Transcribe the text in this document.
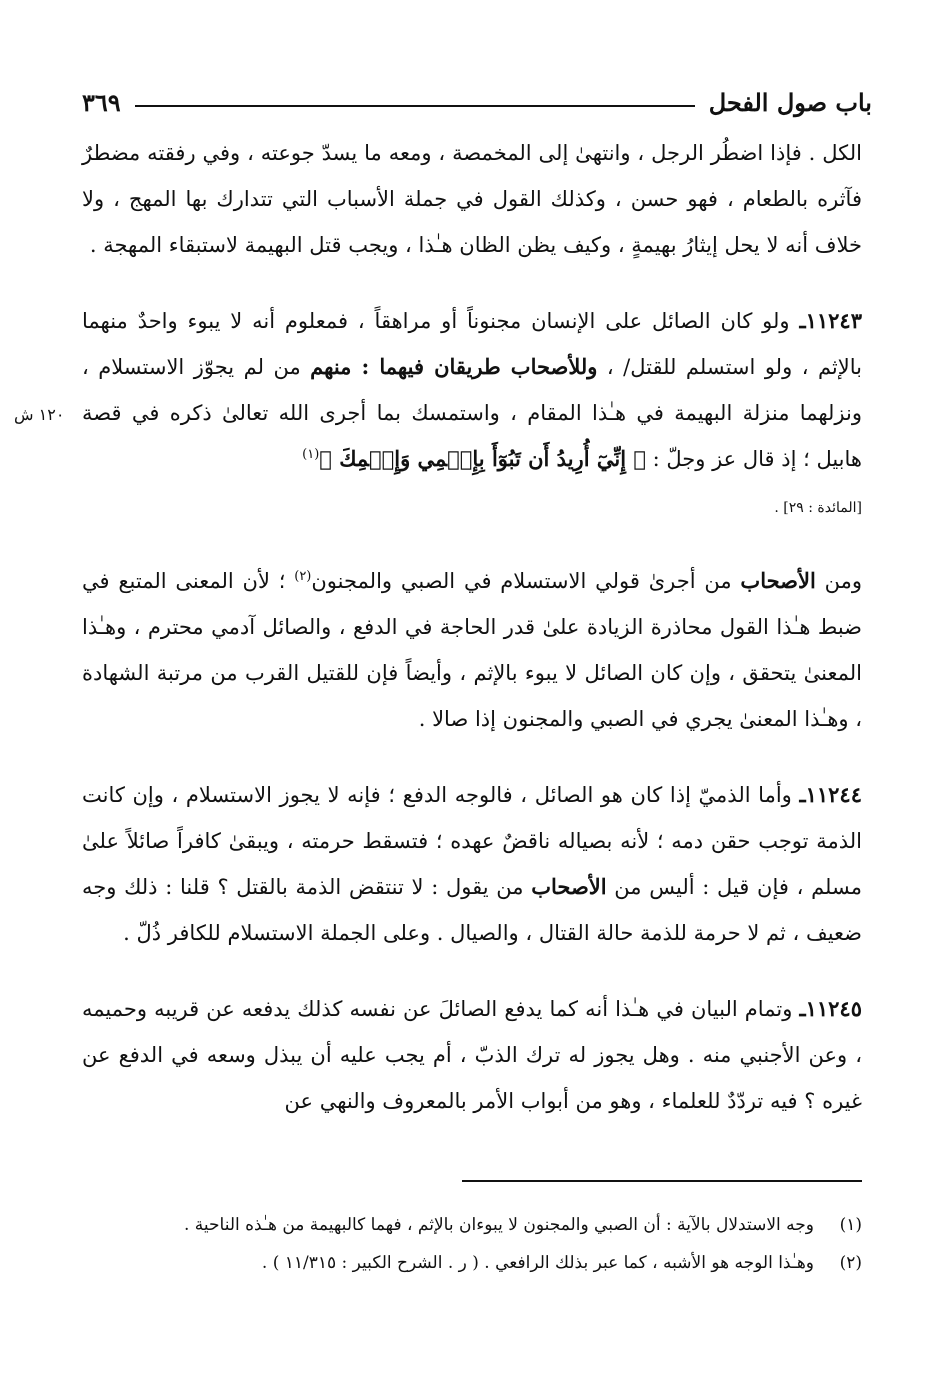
باب صول الفحل
٣٦٩
١٢٠ ش

الكل . فإذا اضطُر الرجل ، وانتهىٰ إلى المخمصة ، ومعه ما يسدّ جوعته ، وفي رفقته مضطرٌ فآثره بالطعام ، فهو حسن ، وكذلك القول في جملة الأسباب التي تتدارك بها المهج ، ولا خلاف أنه لا يحل إيثارُ بهيمةٍ ، وكيف يظن الظان هـٰذا ، ويجب قتل البهيمة لاستبقاء المهجة .

١١٢٤٣ـ ولو كان الصائل على الإنسان مجنوناً أو مراهقاً ، فمعلوم أنه لا يبوء واحدٌ منهما بالإثم ، ولو استسلم للقتل/ ، وللأصحاب طريقان فيهما : منهم من لم يجوّز الاستسلام ، ونزلهما منزلة البهيمة في هـٰذا المقام ، واستمسك بما أجرى الله تعالىٰ ذكره في قصة هابيل ؛ إذ قال عز وجلّ : ﴿ إِنِّيٓ أُرِيدُ أَن تَبُوٓأَ بِإِثۡمِي وَإِثۡمِكَ ﴾$^{(١)}$
[المائدة : ٢٩] .

ومن الأصحاب من أجرىٰ قولي الاستسلام في الصبي والمجنون$^{(٢)}$ ؛ لأن المعنى المتبع في ضبط هـٰذا القول محاذرة الزيادة علىٰ قدر الحاجة في الدفع ، والصائل آدمي محترم ، وهـٰذا المعنىٰ يتحقق ، وإن كان الصائل لا يبوء بالإثم ، وأيضاً فإن للقتيل القرب من مرتبة الشهادة ، وهـٰذا المعنىٰ يجري في الصبي والمجنون إذا صالا .

١١٢٤٤ـ وأما الذميّ إذا كان هو الصائل ، فالوجه الدفع ؛ فإنه لا يجوز الاستسلام ، وإن كانت الذمة توجب حقن دمه ؛ لأنه بصياله ناقضٌ عهده ؛ فتسقط حرمته ، ويبقىٰ كافراً صائلاً علىٰ مسلم ، فإن قيل : أليس من الأصحاب من يقول : لا تنتقض الذمة بالقتل ؟ قلنا : ذلك وجه ضعيف ، ثم لا حرمة للذمة حالة القتال ، والصيال . وعلى الجملة الاستسلام للكافر ذُلّ .

١١٢٤٥ـ وتمام البيان في هـٰذا أنه كما يدفع الصائلَ عن نفسه كذلك يدفعه عن قريبه وحميمه ، وعن الأجنبي منه . وهل يجوز له ترك الذبّ ، أم يجب عليه أن يبذل وسعه في الدفع عن غيره ؟ فيه تردّدٌ للعلماء ، وهو من أبواب الأمر بالمعروف والنهي عن

(١)
وجه الاستدلال بالآية : أن الصبي والمجنون لا يبوءان بالإثم ، فهما كالبهيمة من هـٰذه الناحية .
(٢)
وهـٰذا الوجه هو الأشبه ، كما عبر بذلك الرافعي . ( ر . الشرح الكبير : ١١/٣١٥ ) .
